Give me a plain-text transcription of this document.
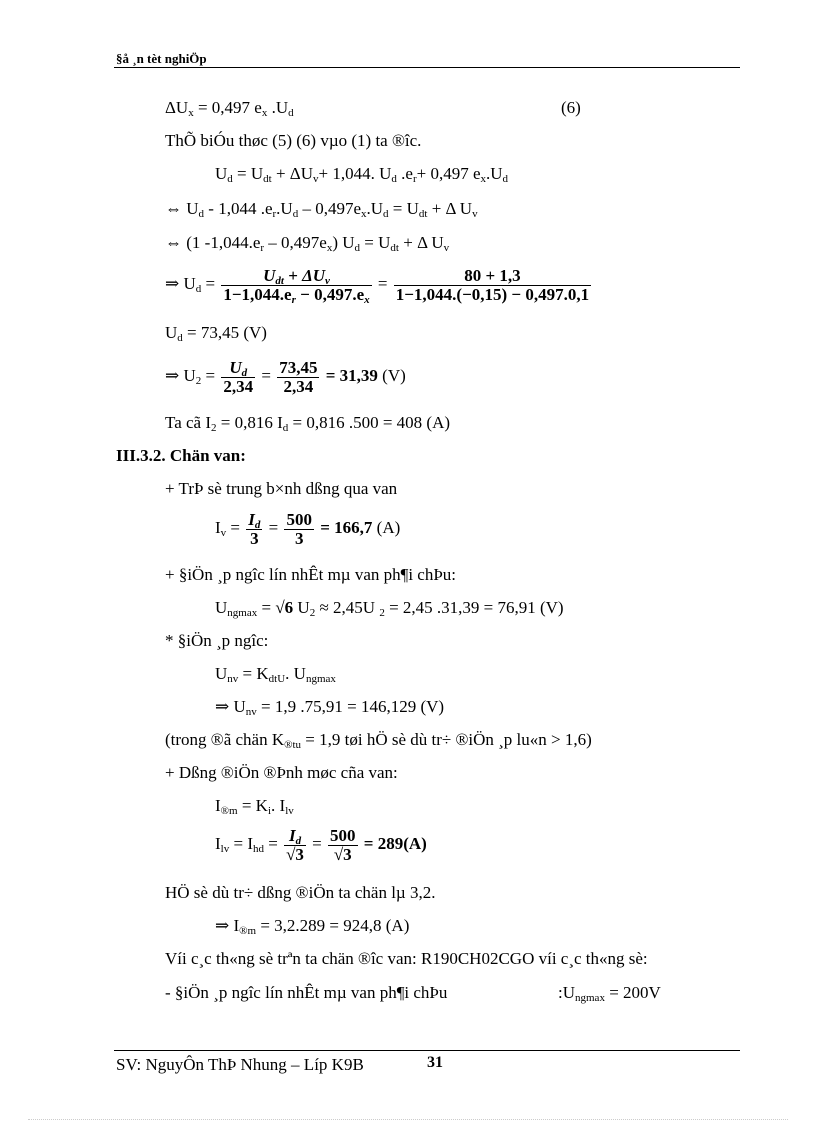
§å ¸n tèt nghiÖp
$\Delta U_x = 0,497$ $e_x$ $.U_d$	(6)
ThÕ biÓu thøc (5) (6) vµo (1) ta ®îc.
$U_d = U_{dt} + \Delta U_v+ 1,044$. $U_d$ $.e_r+ 0,497$ $e_x.U_d$
⇔ $U_d - 1,044$ $.e_r.U_d - 0,497e_x.U_d = U_{dt} + \Delta$ $U_v$
⇔ (1 $-1,044.e_r - 0,497e_x$) $U_d = U_{dt} + \Delta$ $U_v$
⇒ $U_d = \frac{U_{dt} + \Delta U_v}{1-1,044.e_r - 0,497.e_x} = \frac{80 + 1,3}{1-1,044.(-0,15) - 0,497.0,1}$
$U_d = 73,45$ (V)
⇒ $U_2 = \frac{U_d}{2,34} = \frac{73,45}{2,34} = 31,39$ (V)
Ta cã $I_2 = 0,816$ $I_d = 0,816$ .500 = 408 (A)
III.3.2. Chän van:
+ TrÞ sè trung b×nh dßng qua van
$I_v = \frac{I_d}{3} = \frac{500}{3} = 166,7$ (A)
+ §iÖn ¸p ngîc lín nhÊt mµ van ph¶i chÞu:
$U_{ngmax} = √6$ $U_2 \approx 2,45U$ $_2$ = 2,45 .31,39 = 76,91 (V)
* §iÖn ¸p ngîc:
$U_{nv} = K_{dtU}$. $U_{ngmax}$
⇒ $U_{nv} = 1,9$ .75,91 = 146,129 (V)
(trong ®ã chän $K_{®tu} = 1,9$ tøi hÖ sè dù tr÷ ®iÖn ¸p lu«n > 1,6)
+ Dßng ®iÖn ®Þnh møc cña van:
$I_{®m} = K_i$. $I_{lv}$
$I_{lv} = I_{hd} = \frac{I_d}{√3} = \frac{500}{√3} = 289(A)$
HÖ sè dù tr÷ dßng ®iÖn ta chän lµ 3,2.
⇒ $I_{®m} = 3,2.289 = 924,8$ (A)
Víi c¸c th«ng sè trªn ta chän ®îc van: R190CH02CGO víi c¸c th«ng sè:
- §iÖn ¸p ngîc lín nhÊt mµ van ph¶i chÞu	$:U_{ngmax} = 200V$
SV: NguyÔn ThÞ Nhung – Líp K9B	31
